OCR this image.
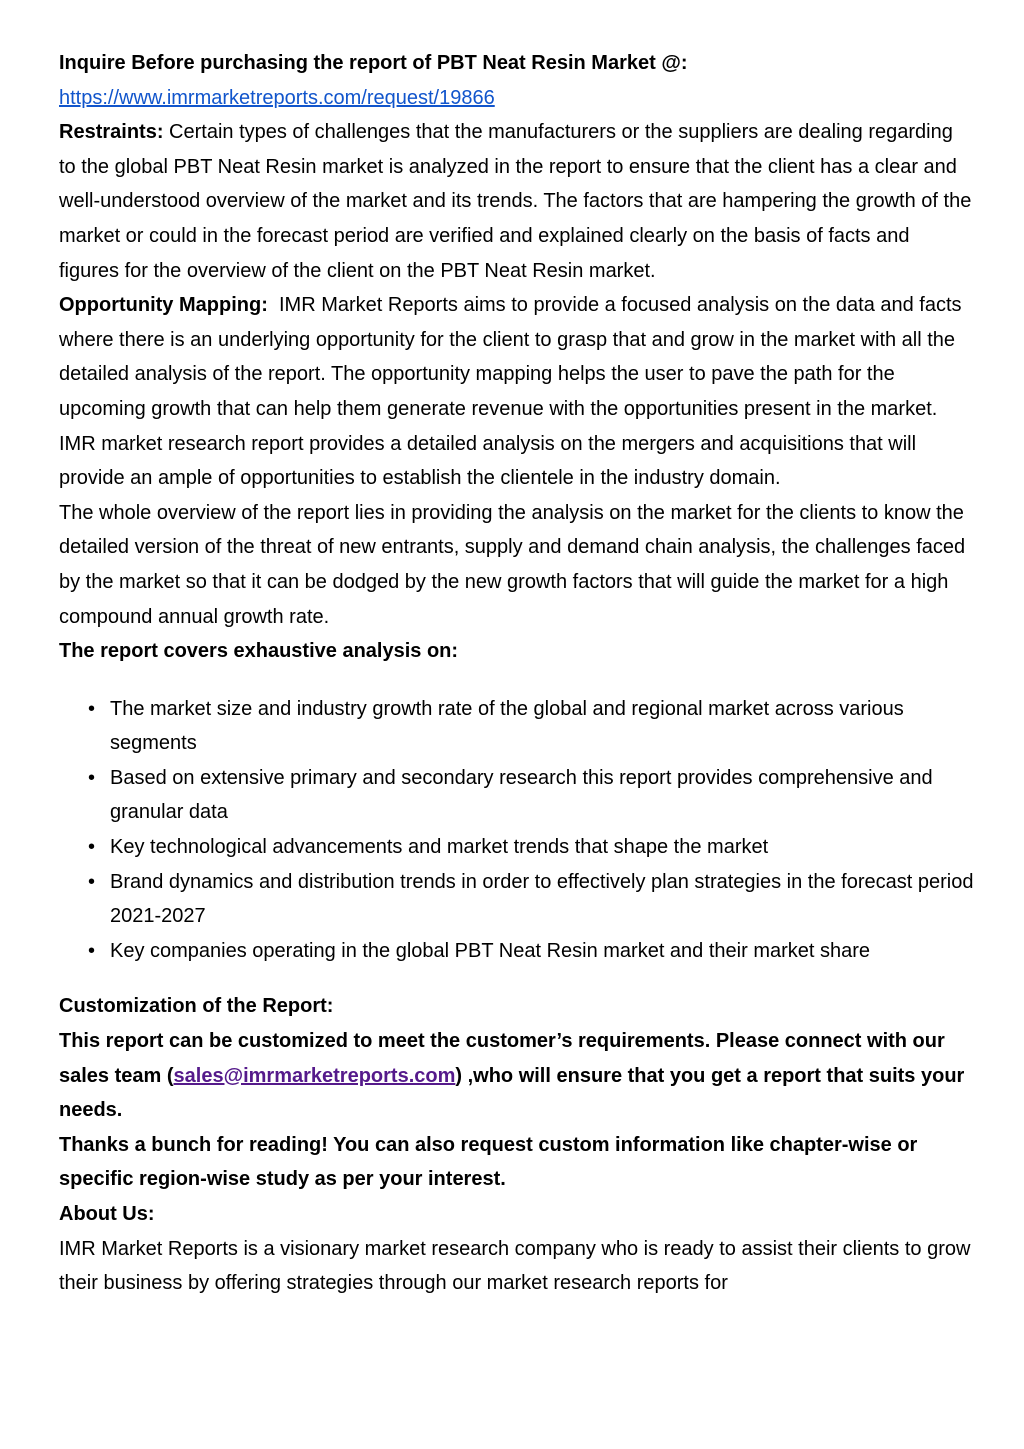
Inquire Before purchasing the report of PBT Neat Resin Market @:

https://www.imrmarketreports.com/request/19866

Restraints: Certain types of challenges that the manufacturers or the suppliers are dealing regarding to the global PBT Neat Resin market is analyzed in the report to ensure that the client has a clear and well-understood overview of the market and its trends. The factors that are hampering the growth of the market or could in the forecast period are verified and explained clearly on the basis of facts and figures for the overview of the client on the PBT Neat Resin market.

Opportunity Mapping:  IMR Market Reports aims to provide a focused analysis on the data and facts where there is an underlying opportunity for the client to grasp that and grow in the market with all the detailed analysis of the report. The opportunity mapping helps the user to pave the path for the upcoming growth that can help them generate revenue with the opportunities present in the market. IMR market research report provides a detailed analysis on the mergers and acquisitions that will provide an ample of opportunities to establish the clientele in the industry domain.

The whole overview of the report lies in providing the analysis on the market for the clients to know the detailed version of the threat of new entrants, supply and demand chain analysis, the challenges faced by the market so that it can be dodged by the new growth factors that will guide the market for a high compound annual growth rate.

The report covers exhaustive analysis on:

• The market size and industry growth rate of the global and regional market across various segments
• Based on extensive primary and secondary research this report provides comprehensive and granular data
• Key technological advancements and market trends that shape the market
• Brand dynamics and distribution trends in order to effectively plan strategies in the forecast period 2021-2027
• Key companies operating in the global PBT Neat Resin market and their market share

Customization of the Report:

This report can be customized to meet the customer’s requirements. Please connect with our sales team (sales@imrmarketreports.com) ,who will ensure that you get a report that suits your needs.

Thanks a bunch for reading! You can also request custom information like chapter-wise or specific region-wise study as per your interest.

About Us:

IMR Market Reports is a visionary market research company who is ready to assist their clients to grow their business by offering strategies through our market research reports for
